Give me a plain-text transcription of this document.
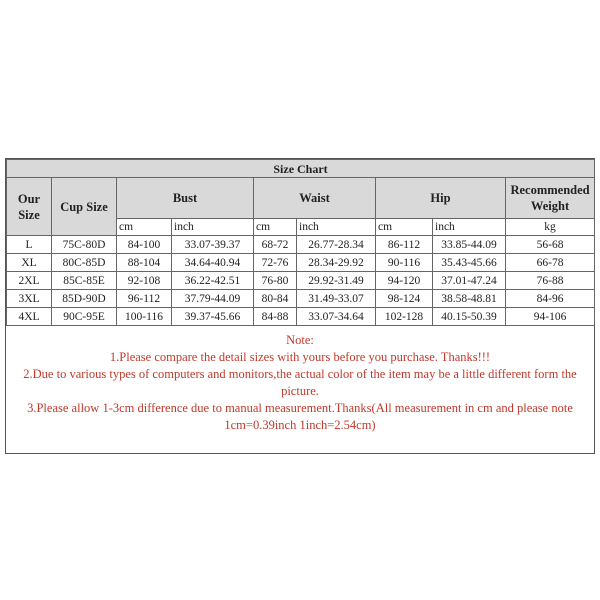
Size Chart								
Our Size	Cup Size	Bust		Waist		Hip		Recommended Weight
		cm	inch	cm	inch	cm	inch	kg
L	75C-80D	84-100	33.07-39.37	68-72	26.77-28.34	86-112	33.85-44.09	56-68
XL	80C-85D	88-104	34.64-40.94	72-76	28.34-29.92	90-116	35.43-45.66	66-78
2XL	85C-85E	92-108	36.22-42.51	76-80	29.92-31.49	94-120	37.01-47.24	76-88
3XL	85D-90D	96-112	37.79-44.09	80-84	31.49-33.07	98-124	38.58-48.81	84-96
4XL	90C-95E	100-116	39.37-45.66	84-88	33.07-34.64	102-128	40.15-50.39	94-106
Note:
1.Please compare the detail sizes with yours before you purchase. Thanks!!!
2.Due to various types of computers and monitors,the actual color of the item may be a little different form the picture.
3.Please allow 1-3cm difference due to manual measurement.Thanks(All measurement in cm and please note 1cm=0.39inch 1inch=2.54cm)
